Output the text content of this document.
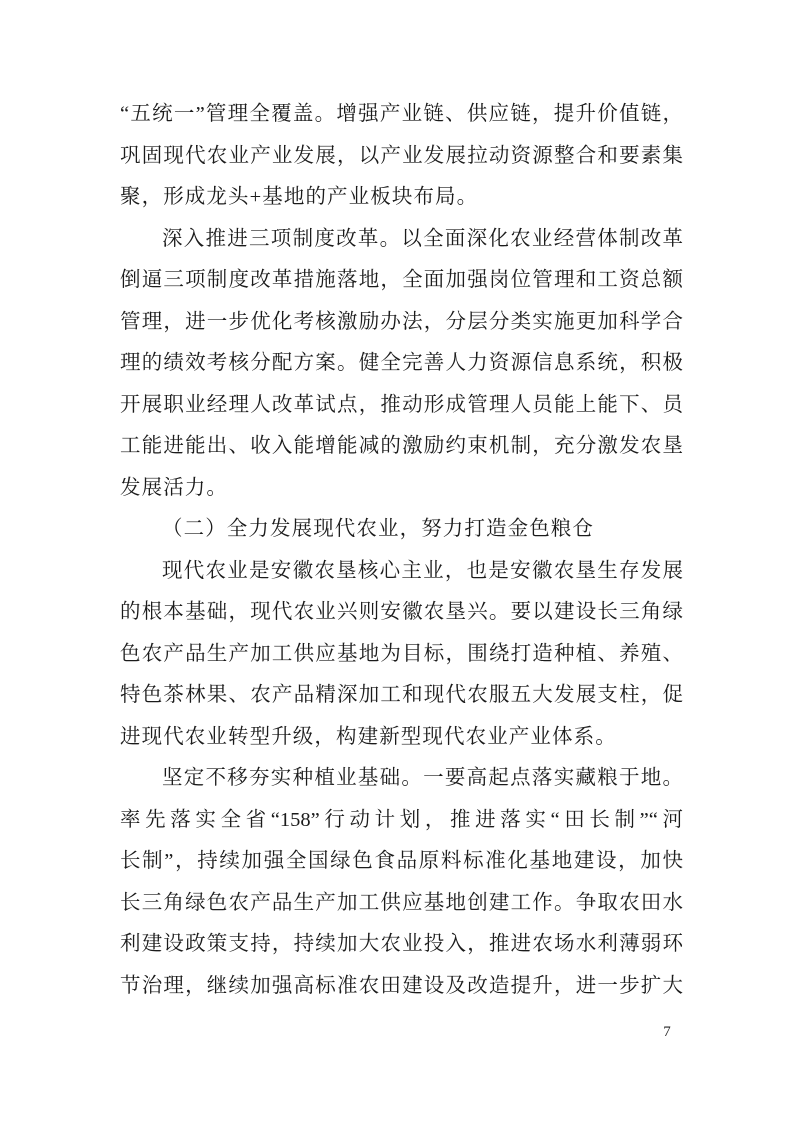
“五统一”管理全覆盖。增强产业链、供应链，提升价值链，
巩固现代农业产业发展，以产业发展拉动资源整合和要素集
聚，形成龙头+基地的产业板块布局。
深入推进三项制度改革。以全面深化农业经营体制改革
倒逼三项制度改革措施落地，全面加强岗位管理和工资总额
管理，进一步优化考核激励办法，分层分类实施更加科学合
理的绩效考核分配方案。健全完善人力资源信息系统，积极
开展职业经理人改革试点，推动形成管理人员能上能下、员
工能进能出、收入能增能减的激励约束机制，充分激发农垦
发展活力。
（二）全力发展现代农业，努力打造金色粮仓
现代农业是安徽农垦核心主业，也是安徽农垦生存发展
的根本基础，现代农业兴则安徽农垦兴。要以建设长三角绿
色农产品生产加工供应基地为目标，围绕打造种植、养殖、
特色茶林果、农产品精深加工和现代农服五大发展支柱，促
进现代农业转型升级，构建新型现代农业产业体系。
坚定不移夯实种植业基础。一要高起点落实藏粮于地。
率先落实全省“158”行动计划，推进落实“田长制”“河
长制”，持续加强全国绿色食品原料标准化基地建设，加快
长三角绿色农产品生产加工供应基地创建工作。争取农田水
利建设政策支持，持续加大农业投入，推进农场水利薄弱环
节治理，继续加强高标准农田建设及改造提升，进一步扩大
7
